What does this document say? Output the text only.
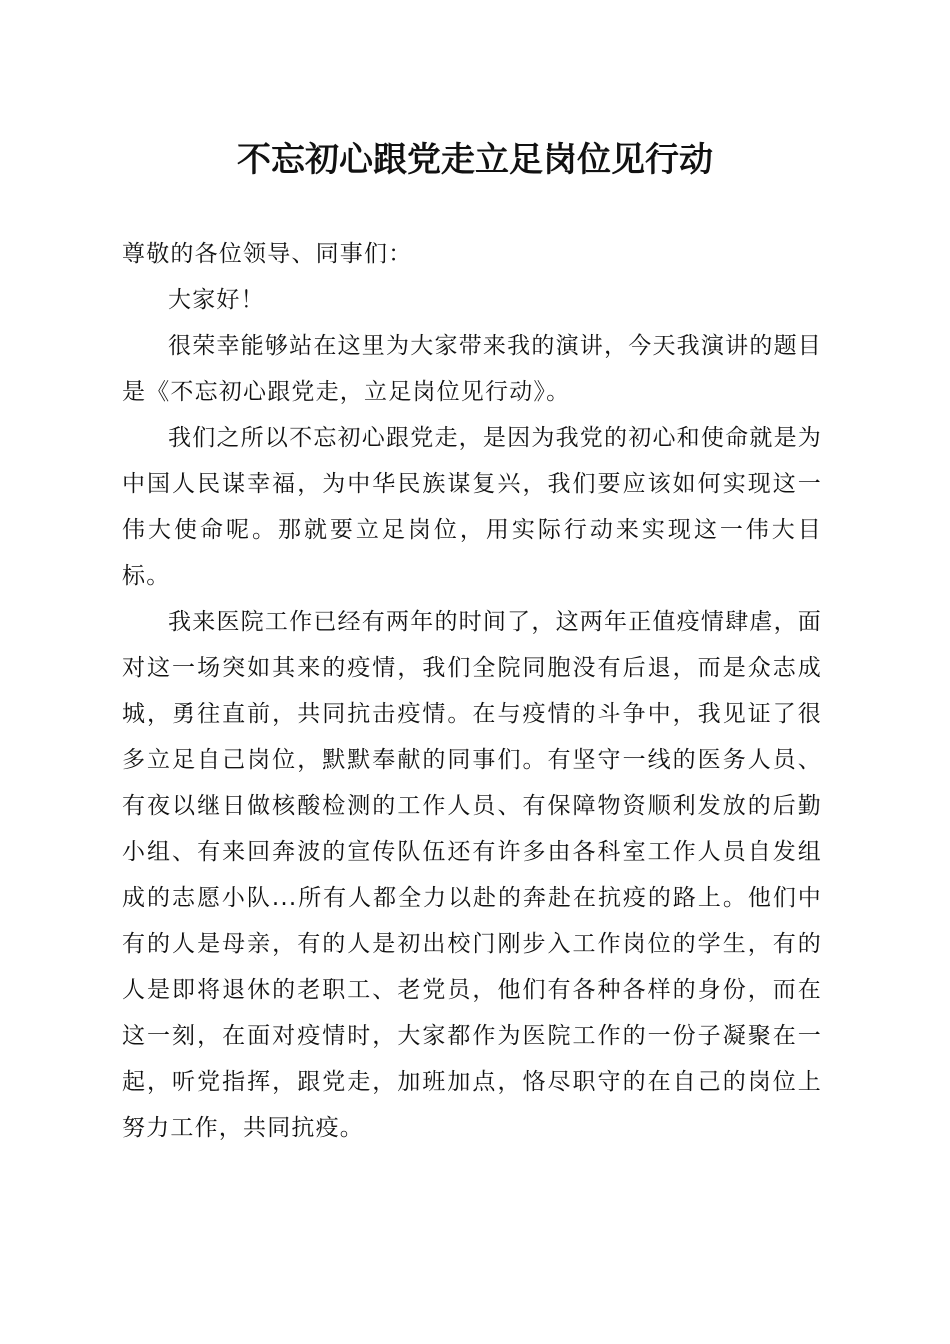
不忘初心跟党走立足岗位见行动

尊敬的各位领导、同事们：

大家好！

很荣幸能够站在这里为大家带来我的演讲，今天我演讲的题目是《不忘初心跟党走，立足岗位见行动》。

我们之所以不忘初心跟党走，是因为我党的初心和使命就是为中国人民谋幸福，为中华民族谋复兴，我们要应该如何实现这一伟大使命呢。那就要立足岗位，用实际行动来实现这一伟大目标。

我来医院工作已经有两年的时间了，这两年正值疫情肆虐，面对这一场突如其来的疫情，我们全院同胞没有后退，而是众志成城，勇往直前，共同抗击疫情。在与疫情的斗争中，我见证了很多立足自己岗位，默默奉献的同事们。有坚守一线的医务人员、有夜以继日做核酸检测的工作人员、有保障物资顺利发放的后勤小组、有来回奔波的宣传队伍还有许多由各科室工作人员自发组成的志愿小队...所有人都全力以赴的奔赴在抗疫的路上。他们中有的人是母亲，有的人是初出校门刚步入工作岗位的学生，有的人是即将退休的老职工、老党员，他们有各种各样的身份，而在这一刻，在面对疫情时，大家都作为医院工作的一份子凝聚在一起，听党指挥，跟党走，加班加点，恪尽职守的在自己的岗位上努力工作，共同抗疫。
